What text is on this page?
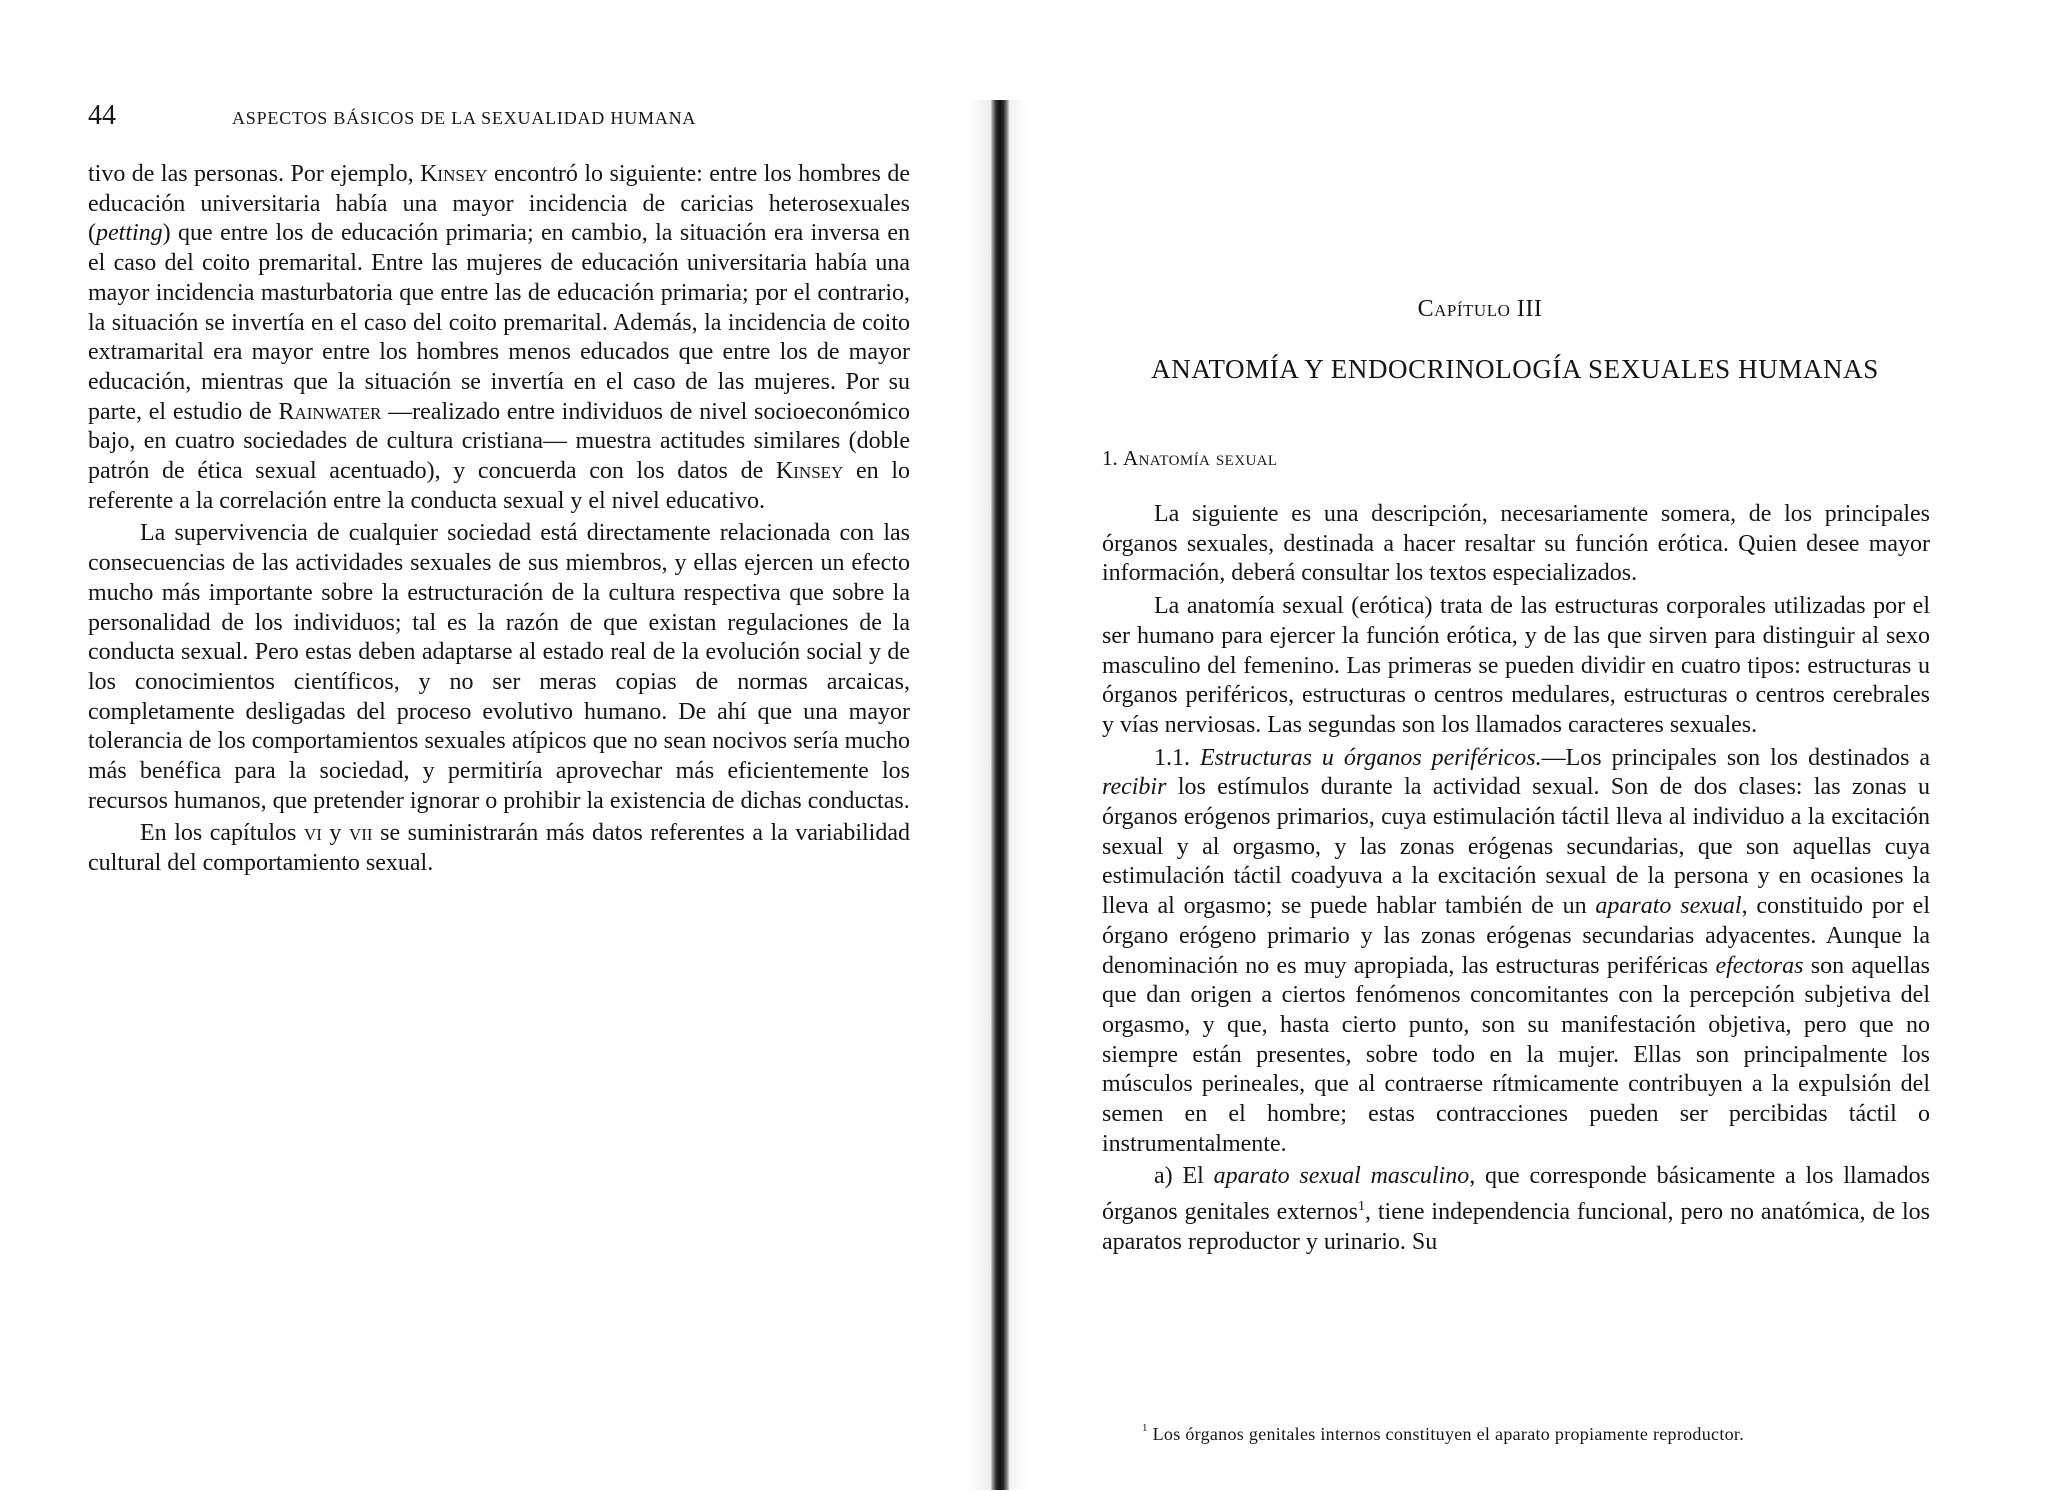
44	ASPECTOS BÁSICOS DE LA SEXUALIDAD HUMANA

tivo de las personas. Por ejemplo, Kinsey encontró lo siguiente: entre los hombres de educación universitaria había una mayor incidencia de caricias heterosexuales (petting) que entre los de educación primaria; en cambio, la situación era inversa en el caso del coito premarital. Entre las mujeres de educación universitaria había una mayor incidencia masturbatoria que entre las de educación primaria; por el contrario, la situación se invertía en el caso del coito premarital. Además, la incidencia de coito extramarital era mayor entre los hombres menos educados que entre los de mayor educación, mientras que la situación se invertía en el caso de las mujeres. Por su parte, el estudio de Rainwater —realizado entre individuos de nivel socioeconómico bajo, en cuatro sociedades de cultura cristiana— muestra actitudes similares (doble patrón de ética sexual acentuado), y concuerda con los datos de Kinsey en lo referente a la correlación entre la conducta sexual y el nivel educativo.

La supervivencia de cualquier sociedad está directamente relacionada con las consecuencias de las actividades sexuales de sus miembros, y ellas ejercen un efecto mucho más importante sobre la estructuración de la cultura respectiva que sobre la personalidad de los individuos; tal es la razón de que existan regulaciones de la conducta sexual. Pero estas deben adaptarse al estado real de la evolución social y de los conocimientos científicos, y no ser meras copias de normas arcaicas, completamente desligadas del proceso evolutivo humano. De ahí que una mayor tolerancia de los comportamientos sexuales atípicos que no sean nocivos sería mucho más benéfica para la sociedad, y permitiría aprovechar más eficientemente los recursos humanos, que pretender ignorar o prohibir la existencia de dichas conductas.

En los capítulos vi y vii se suministrarán más datos referentes a la variabilidad cultural del comportamiento sexual.

Capítulo III
ANATOMÍA Y ENDOCRINOLOGÍA SEXUALES HUMANAS
1. Anatomía sexual

La siguiente es una descripción, necesariamente somera, de los principales órganos sexuales, destinada a hacer resaltar su función erótica. Quien desee mayor información, deberá consultar los textos especializados.

La anatomía sexual (erótica) trata de las estructuras corporales utilizadas por el ser humano para ejercer la función erótica, y de las que sirven para distinguir al sexo masculino del femenino. Las primeras se pueden dividir en cuatro tipos: estructuras u órganos periféricos, estructuras o centros medulares, estructuras o centros cerebrales y vías nerviosas. Las segundas son los llamados caracteres sexuales.

1.1. Estructuras u órganos periféricos.—Los principales son los destinados a recibir los estímulos durante la actividad sexual. Son de dos clases: las zonas u órganos erógenos primarios, cuya estimulación táctil lleva al individuo a la excitación sexual y al orgasmo, y las zonas erógenas secundarias, que son aquellas cuya estimulación táctil coadyuva a la excitación sexual de la persona y en ocasiones la lleva al orgasmo; se puede hablar también de un aparato sexual, constituido por el órgano erógeno primario y las zonas erógenas secundarias adyacentes. Aunque la denominación no es muy apropiada, las estructuras periféricas efectoras son aquellas que dan origen a ciertos fenómenos concomitantes con la percepción subjetiva del orgasmo, y que, hasta cierto punto, son su manifestación objetiva, pero que no siempre están presentes, sobre todo en la mujer. Ellas son principalmente los músculos perineales, que al contraerse rítmicamente contribuyen a la expulsión del semen en el hombre; estas contracciones pueden ser percibidas táctil o instrumentalmente.

a) El aparato sexual masculino, que corresponde básicamente a los llamados órganos genitales externos$^1$, tiene independencia funcional, pero no anatómica, de los aparatos reproductor y urinario. Su

$^1$ Los órganos genitales internos constituyen el aparato propiamente reproductor.
